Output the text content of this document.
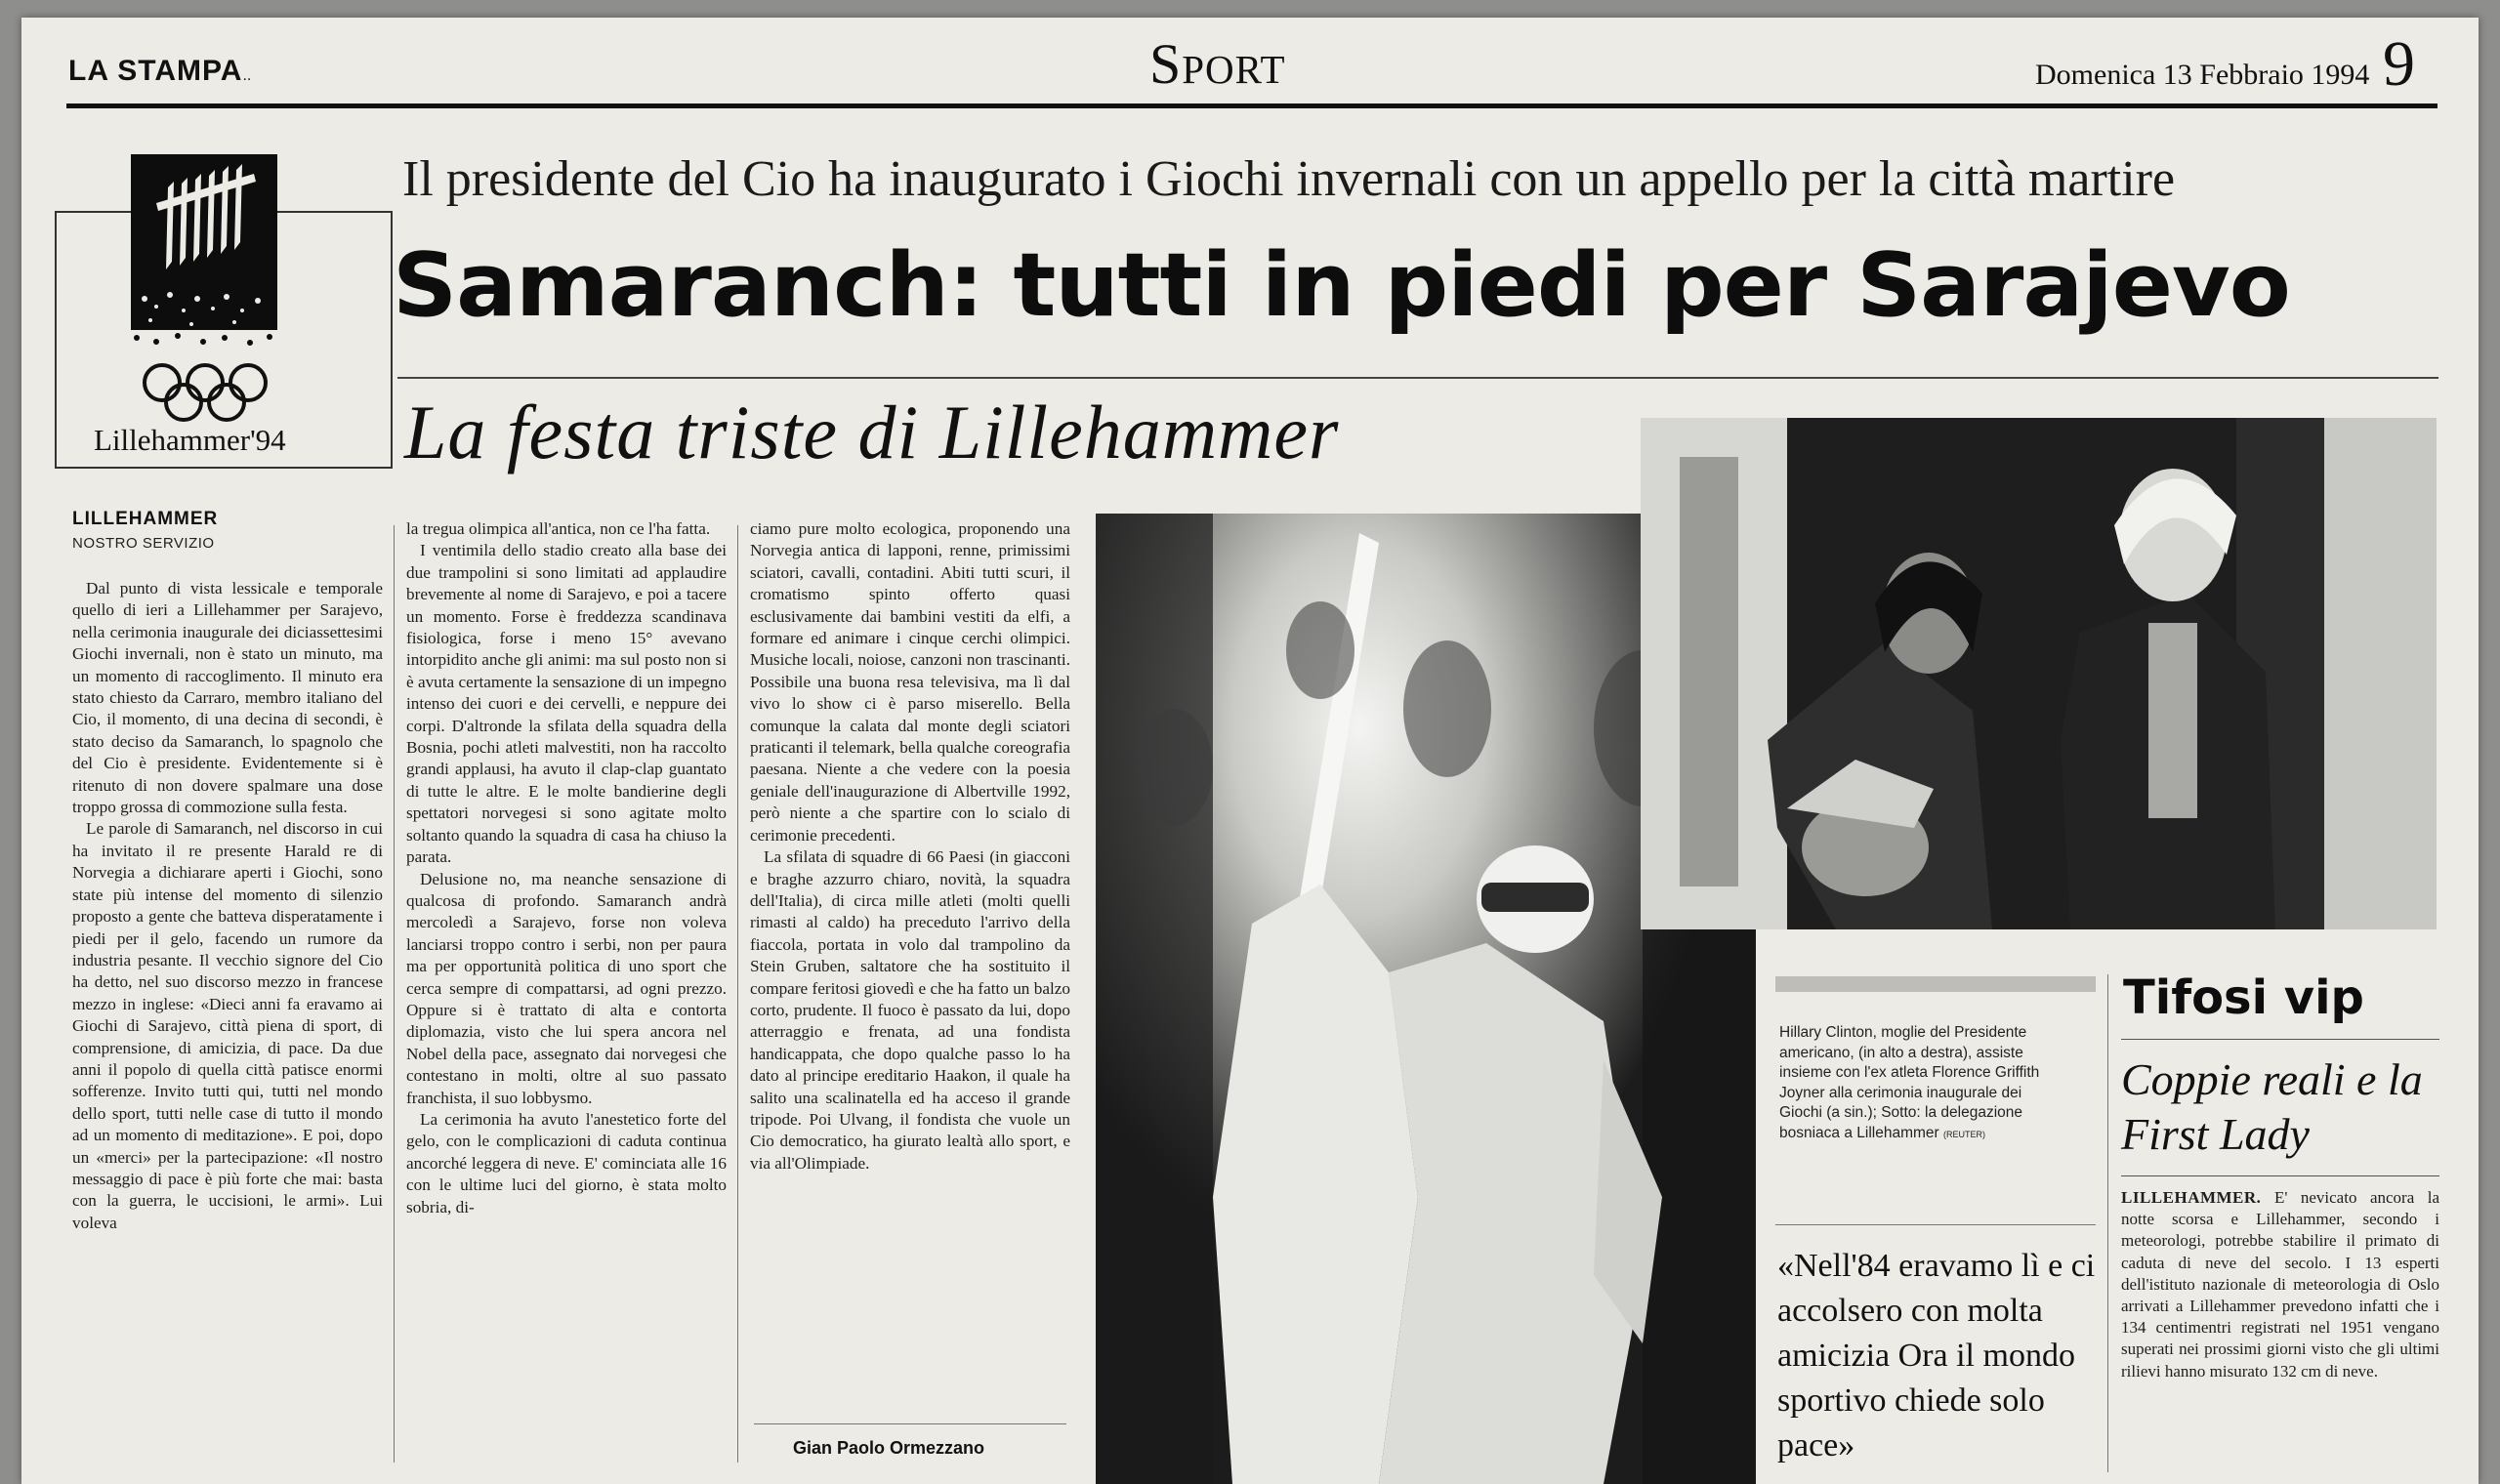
LA STAMPA..	Sport	Domenica 13 Febbraio 1994 9
Lillehammer'94
Il presidente del Cio ha inaugurato i Giochi invernali con un appello per la città martire
Samaranch: tutti in piedi per Sarajevo
La festa triste di Lillehammer
LILLEHAMMER
NOSTRO SERVIZIO

Dal punto di vista lessicale e temporale quello di ieri a Lillehammer per Sarajevo, nella cerimonia inaugurale dei diciassettesimi Giochi invernali, non è stato un minuto, ma un momento di raccoglimento. Il minuto era stato chiesto da Carraro, membro italiano del Cio, il momento, di una decina di secondi, è stato deciso da Samaranch, lo spagnolo che del Cio è presidente. Evidentemente si è ritenuto di non dovere spalmare una dose troppo grossa di commozione sulla festa.

Le parole di Samaranch, nel discorso in cui ha invitato il re presente Harald re di Norvegia a dichiarare aperti i Giochi, sono state più intense del momento di silenzio proposto a gente che batteva disperatamente i piedi per il gelo, facendo un rumore da industria pesante. Il vecchio signore del Cio ha detto, nel suo discorso mezzo in francese mezzo in inglese: «Dieci anni fa eravamo ai Giochi di Sarajevo, città piena di sport, di comprensione, di amicizia, di pace. Da due anni il popolo di quella città patisce enormi sofferenze. Invito tutti qui, tutti nel mondo dello sport, tutti nelle case di tutto il mondo ad un momento di meditazione». E poi, dopo un «merci» per la partecipazione: «Il nostro messaggio di pace è più forte che mai: basta con la guerra, le uccisioni, le armi». Lui voleva

la tregua olimpica all'antica, non ce l'ha fatta.

I ventimila dello stadio creato alla base dei due trampolini si sono limitati ad applaudire brevemente al nome di Sarajevo, e poi a tacere un momento. Forse è freddezza scandinava fisiologica, forse i meno 15° avevano intorpidito anche gli animi: ma sul posto non si è avuta certamente la sensazione di un impegno intenso dei cuori e dei cervelli, e neppure dei corpi. D'altronde la sfilata della squadra della Bosnia, pochi atleti malvestiti, non ha raccolto grandi applausi, ha avuto il clap-clap guantato di tutte le altre. E le molte bandierine degli spettatori norvegesi si sono agitate molto soltanto quando la squadra di casa ha chiuso la parata.

Delusione no, ma neanche sensazione di qualcosa di profondo. Samaranch andrà mercoledì a Sarajevo, forse non voleva lanciarsi troppo contro i serbi, non per paura ma per opportunità politica di uno sport che cerca sempre di compattarsi, ad ogni prezzo. Oppure si è trattato di alta e contorta diplomazia, visto che lui spera ancora nel Nobel della pace, assegnato dai norvegesi che contestano in molti, oltre al suo passato franchista, il suo lobbysmo.

La cerimonia ha avuto l'anestetico forte del gelo, con le complicazioni di caduta continua ancorché leggera di neve. E' cominciata alle 16 con le ultime luci del giorno, è stata molto sobria, di-

ciamo pure molto ecologica, proponendo una Norvegia antica di lapponi, renne, primissimi sciatori, cavalli, contadini. Abiti tutti scuri, il cromatismo spinto offerto quasi esclusivamente dai bambini vestiti da elfi, a formare ed animare i cinque cerchi olimpici. Musiche locali, noiose, canzoni non trascinanti. Possibile una buona resa televisiva, ma lì dal vivo lo show ci è parso miserello. Bella comunque la calata dal monte degli sciatori praticanti il telemark, bella qualche coreografia paesana. Niente a che vedere con la poesia geniale dell'inaugurazione di Albertville 1992, però niente a che spartire con lo scialo di cerimonie precedenti.

La sfilata di squadre di 66 Paesi (in giacconi e braghe azzurro chiaro, novità, la squadra dell'Italia), di circa mille atleti (molti quelli rimasti al caldo) ha preceduto l'arrivo della fiaccola, portata in volo dal trampolino da Stein Gruben, saltatore che ha sostituito il compare feritosi giovedì e che ha fatto un balzo corto, prudente. Il fuoco è passato da lui, dopo atterraggio e frenata, ad una fondista handicappata, che dopo qualche passo lo ha dato al principe ereditario Haakon, il quale ha salito una scalinatella ed ha acceso il grande tripode. Poi Ulvang, il fondista che vuole un Cio democratico, ha giurato lealtà allo sport, e via all'Olimpiade.

Gian Paolo Ormezzano
Hillary Clinton, moglie del Presidente americano, (in alto a destra), assiste insieme con l'ex atleta Florence Griffith Joyner alla cerimonia inaugurale dei Giochi (a sin.); Sotto: la delegazione bosniaca a Lillehammer (REUTER)
«Nell'84 eravamo lì e ci accolsero con molta amicizia Ora il mondo sportivo chiede solo pace»
Tifosi vip
Coppie reali e la First Lady

LILLEHAMMER. E' nevicato ancora la notte scorsa e Lillehammer, secondo i meteorologi, potrebbe stabilire il primato di caduta di neve del secolo. I 13 esperti dell'istituto nazionale di meteorologia di Oslo arrivati a Lillehammer prevedono infatti che i 134 centimentri registrati nel 1951 vengano superati nei prossimi giorni visto che gli ultimi rilievi hanno misurato 132 cm di neve.
